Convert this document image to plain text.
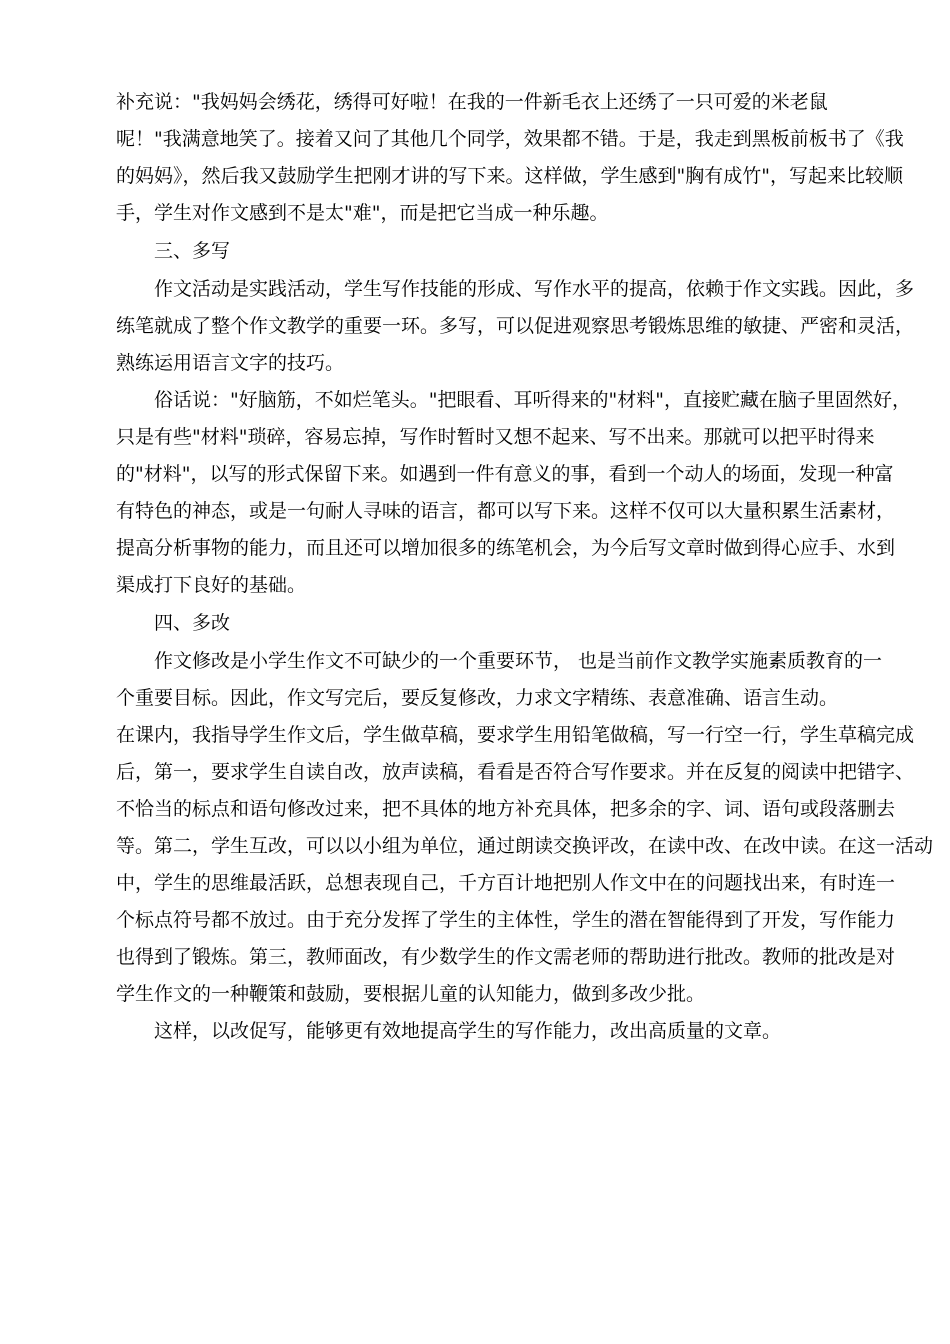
补充说："我妈妈会绣花，绣得可好啦！在我的一件新毛衣上还绣了一只可爱的米老鼠
呢！"我满意地笑了。接着又问了其他几个同学，效果都不错。于是，我走到黑板前板书了《我
的妈妈》，然后我又鼓励学生把刚才讲的写下来。这样做，学生感到"胸有成竹"，写起来比较顺
手，学生对作文感到不是太"难"，而是把它当成一种乐趣。

三、多写

作文活动是实践活动，学生写作技能的形成、写作水平的提高，依赖于作文实践。因此，多
练笔就成了整个作文教学的重要一环。多写，可以促进观察思考锻炼思维的敏捷、严密和灵活，
熟练运用语言文字的技巧。

俗话说："好脑筋，不如烂笔头。"把眼看、耳听得来的"材料"，直接贮藏在脑子里固然好，
只是有些"材料"琐碎，容易忘掉，写作时暂时又想不起来、写不出来。那就可以把平时得来
的"材料"，以写的形式保留下来。如遇到一件有意义的事，看到一个动人的场面，发现一种富
有特色的神态，或是一句耐人寻味的语言，都可以写下来。这样不仅可以大量积累生活素材，
提高分析事物的能力，而且还可以增加很多的练笔机会，为今后写文章时做到得心应手、水到
渠成打下良好的基础。

四、多改

作文修改是小学生作文不可缺少的一个重要环节， 也是当前作文教学实施素质教育的一
个重要目标。因此，作文写完后，要反复修改，力求文字精练、表意准确、语言生动。

在课内，我指导学生作文后，学生做草稿，要求学生用铅笔做稿，写一行空一行，学生草稿完成
后，第一，要求学生自读自改，放声读稿，看看是否符合写作要求。并在反复的阅读中把错字、
不恰当的标点和语句修改过来，把不具体的地方补充具体，把多余的字、词、语句或段落删去
等。第二，学生互改，可以以小组为单位，通过朗读交换评改，在读中改、在改中读。在这一活动
中，学生的思维最活跃，总想表现自己，千方百计地把别人作文中在的问题找出来，有时连一
个标点符号都不放过。由于充分发挥了学生的主体性，学生的潜在智能得到了开发，写作能力
也得到了锻炼。第三，教师面改，有少数学生的作文需老师的帮助进行批改。教师的批改是对
学生作文的一种鞭策和鼓励，要根据儿童的认知能力，做到多改少批。

这样，以改促写，能够更有效地提高学生的写作能力，改出高质量的文章。
